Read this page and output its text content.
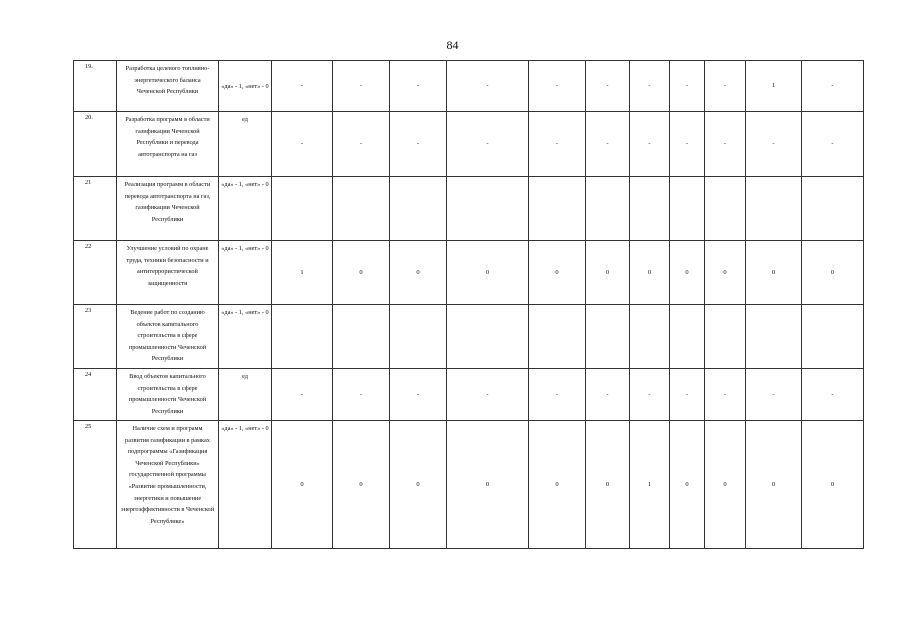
84
19.	Разработка целевого топливно-энергетического баланса Чеченской Республики	«да» - 1, «нет» - 0	-	-	-	-	-	-	-	-	-	1	-	
20.	Разработка программ в области газификации Чеченской Республики и перевода автотранспорта на газ	ед	-	-	-	-	-	-	-	-	-	-	-	
21	Реализация программ в области перевода автотранспорта на газ, газификации Чеченской Республики	«да» - 1, «нет» - 0												
22	Улучшение условий по охране труда, техники безопасности и антитеррористической защищенности	«да» - 1, «нет» - 0	1	0	0	0	0	0	0	0	0	0	0	
23	Ведение работ по созданию объектов капитального строительства в сфере промышленности Чеченской Республики	«да» - 1, «нет» - 0												
24	Ввод объектов капитального строительства в сфере промышленности Чеченской Республики	ед	-	-	-	-	-	-	-	-	-	-	-	
25	Наличие схем и программ развития газификации в рамках подпрограммы «Газификация Чеченской Республики» государственной программы «Развитие промышленности, энергетики и повышение энергоэффективности в Чеченской Республике»	«да» - 1, «нет» - 0	0	0	0	0	0	0	1	0	0	0	0	
